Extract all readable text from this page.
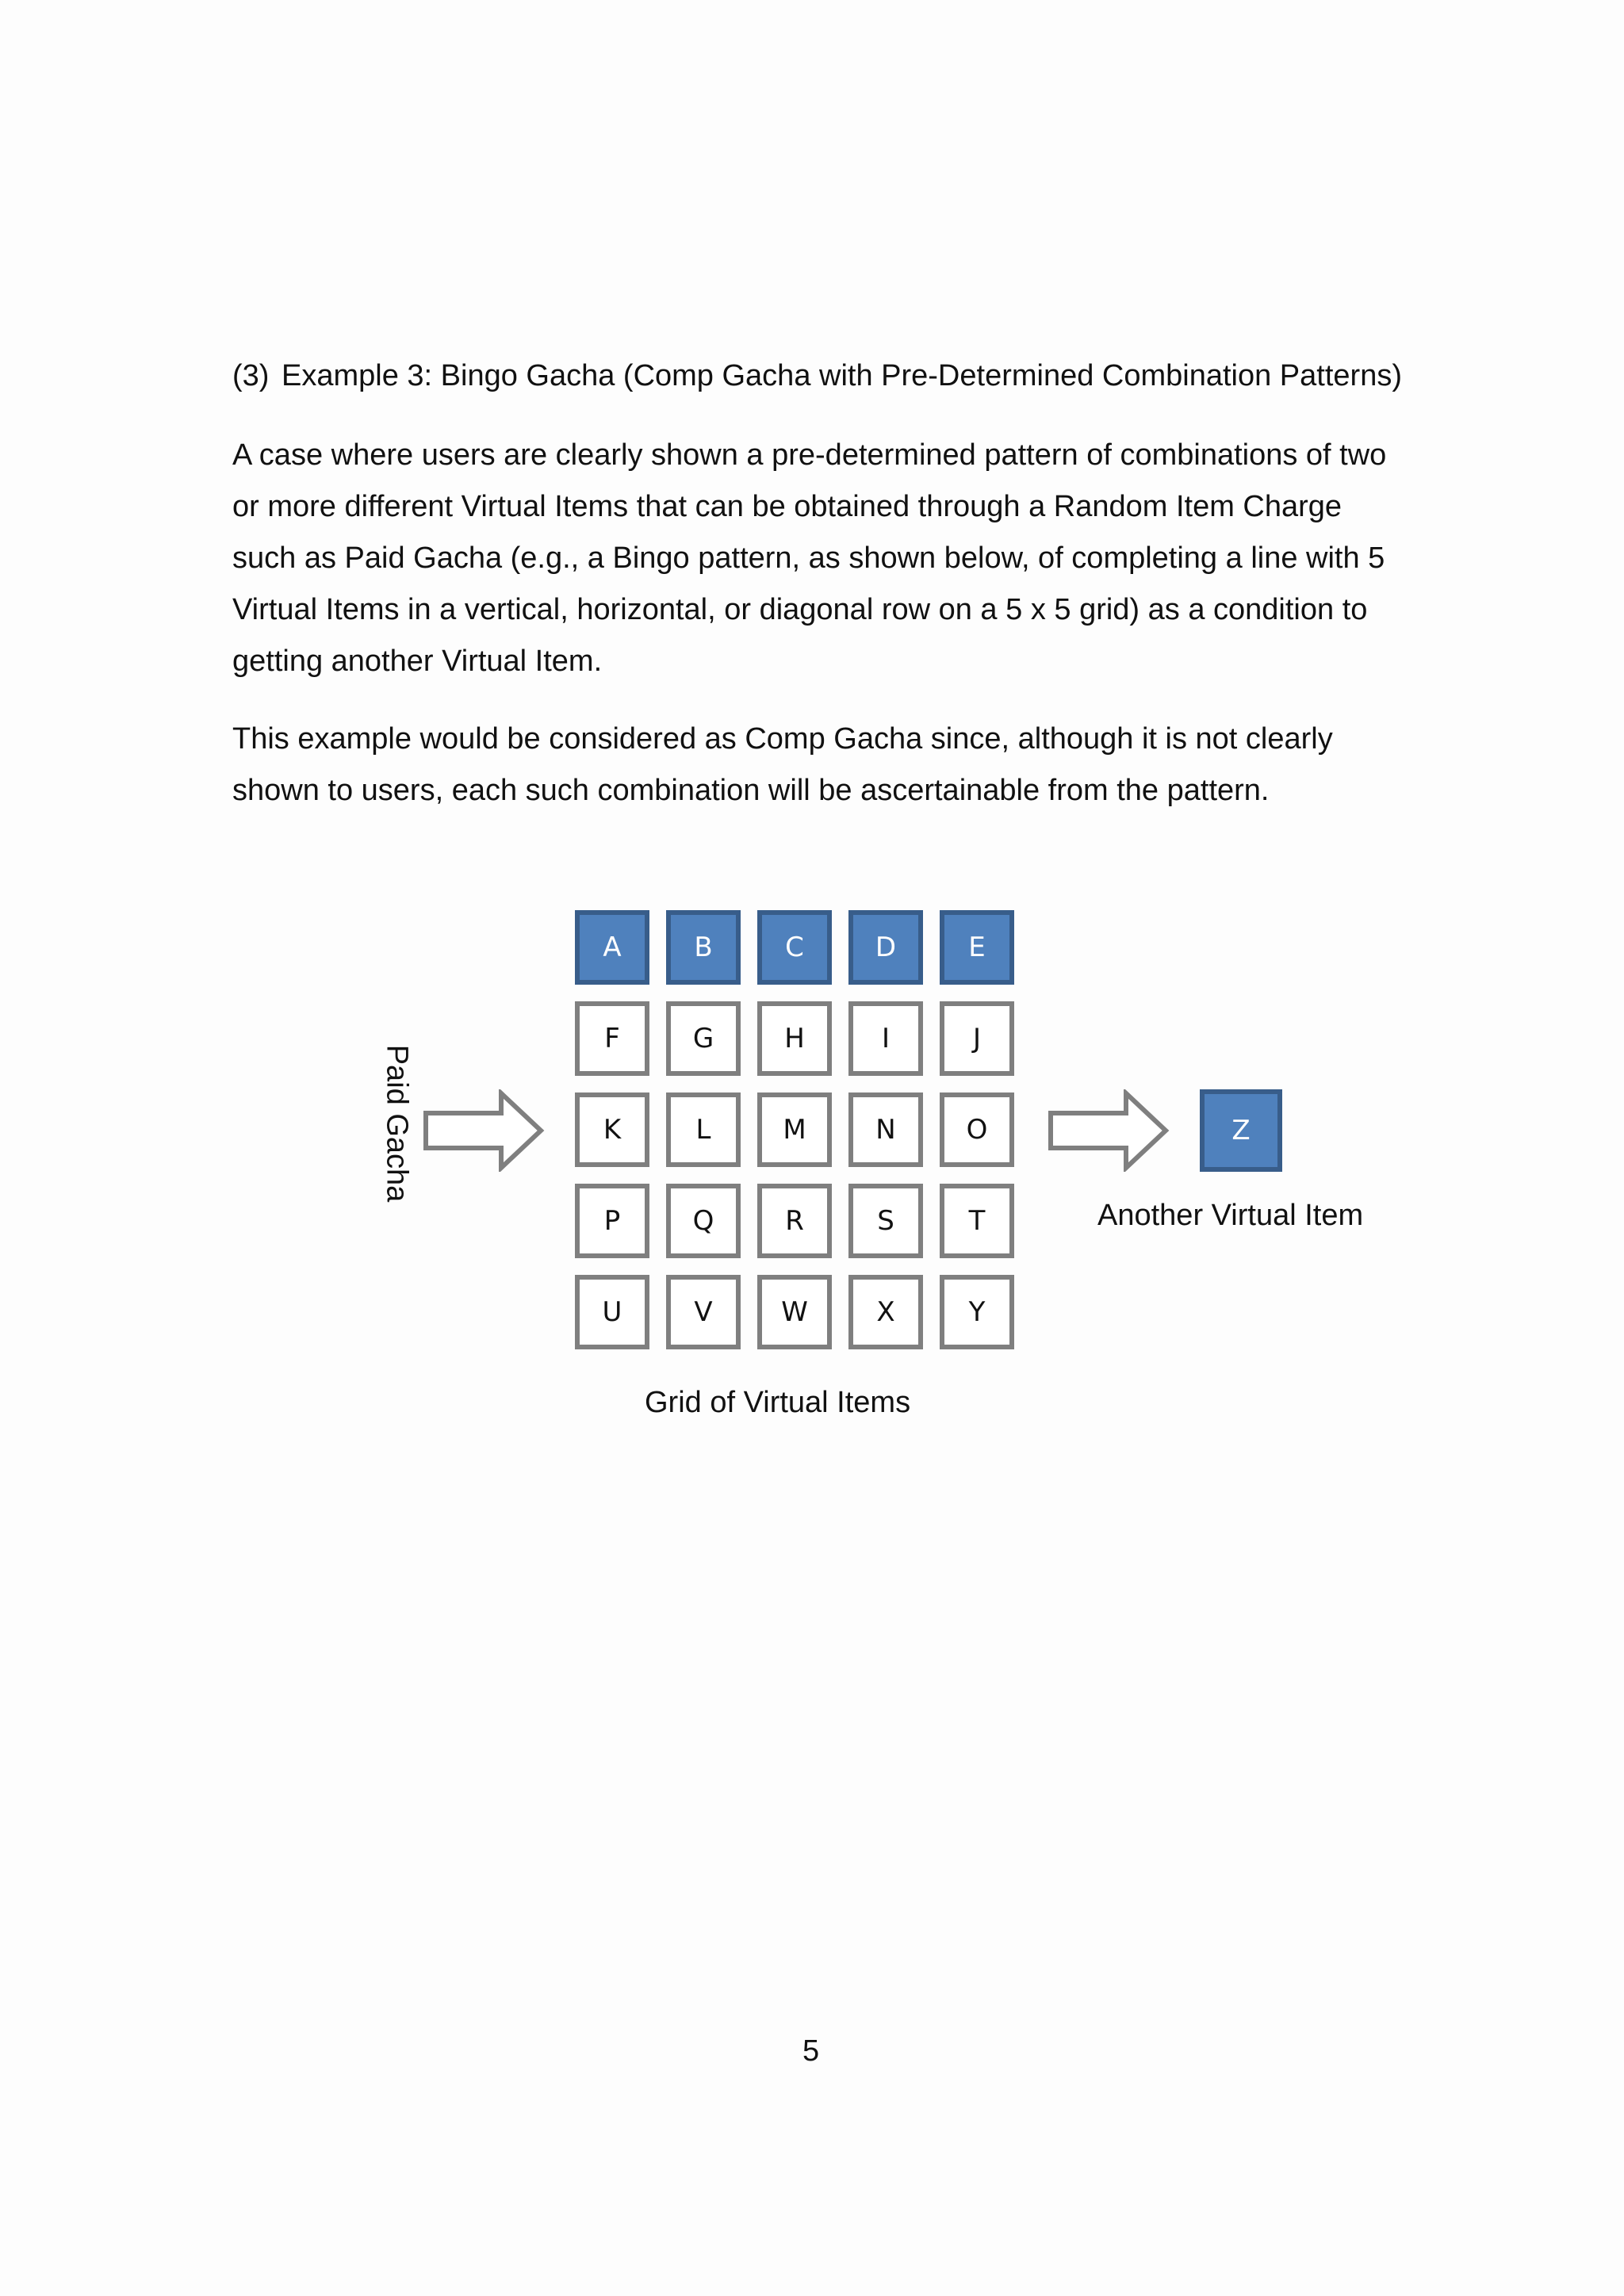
(3) Example 3: Bingo Gacha (Comp Gacha with Pre-Determined Combination Patterns)

A case where users are clearly shown a pre-determined pattern of combinations of two or more different Virtual Items that can be obtained through a Random Item Charge such as Paid Gacha (e.g., a Bingo pattern, as shown below, of completing a line with 5 Virtual Items in a vertical, horizontal, or diagonal row on a 5 x 5 grid) as a condition to getting another Virtual Item.

This example would be considered as Comp Gacha since, although it is not clearly shown to users, each such combination will be ascertainable from the pattern.

Paid Gacha
A	B	C	D	E
F	G	H	I	J
K	L	M	N	O
P	Q	R	S	T
U	V	W	X	Y
Z
Another Virtual Item
Grid of Virtual Items
5
